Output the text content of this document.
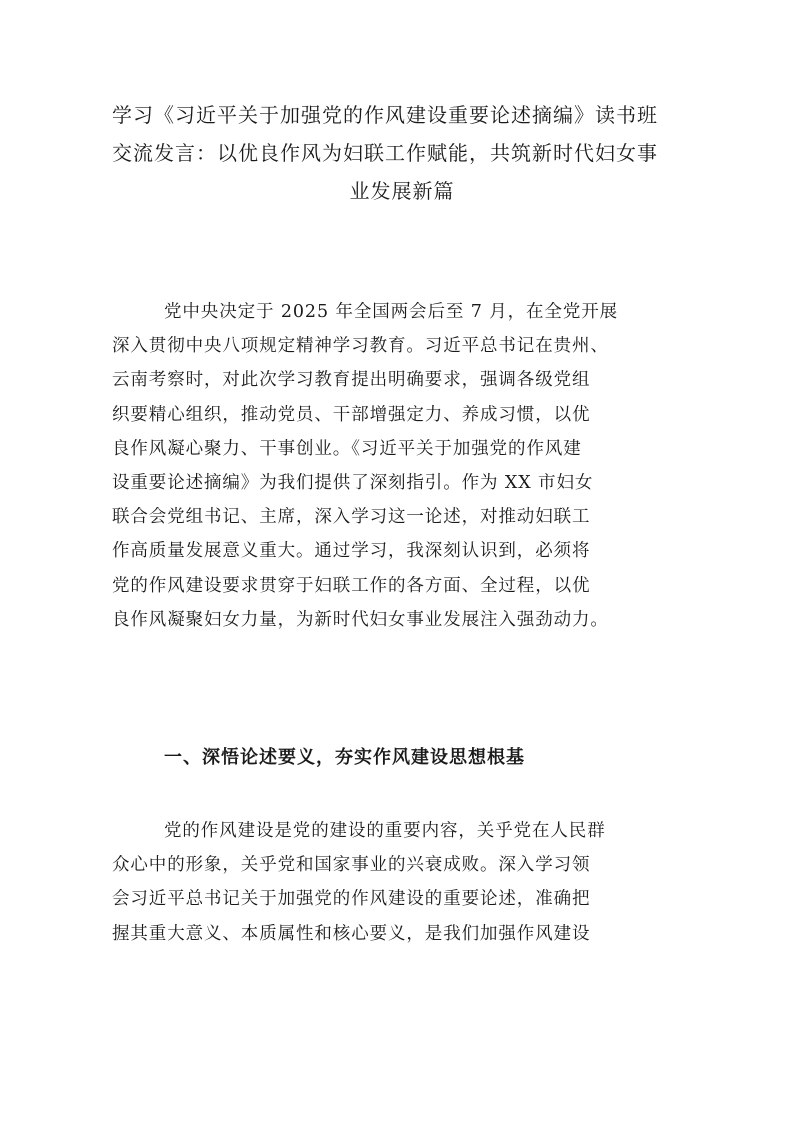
学习《习近平关于加强党的作风建设重要论述摘编》读书班
交流发言：以优良作风为妇联工作赋能，共筑新时代妇女事
业发展新篇

党中央决定于 2025 年全国两会后至 7 月，在全党开展
深入贯彻中央八项规定精神学习教育。习近平总书记在贵州、
云南考察时，对此次学习教育提出明确要求，强调各级党组
织要精心组织，推动党员、干部增强定力、养成习惯，以优
良作风凝心聚力、干事创业。《习近平关于加强党的作风建
设重要论述摘编》为我们提供了深刻指引。作为 XX 市妇女
联合会党组书记、主席，深入学习这一论述，对推动妇联工
作高质量发展意义重大。通过学习，我深刻认识到，必须将
党的作风建设要求贯穿于妇联工作的各方面、全过程，以优
良作风凝聚妇女力量，为新时代妇女事业发展注入强劲动力。

一、深悟论述要义，夯实作风建设思想根基

党的作风建设是党的建设的重要内容，关乎党在人民群
众心中的形象，关乎党和国家事业的兴衰成败。深入学习领
会习近平总书记关于加强党的作风建设的重要论述，准确把
握其重大意义、本质属性和核心要义，是我们加强作风建设
